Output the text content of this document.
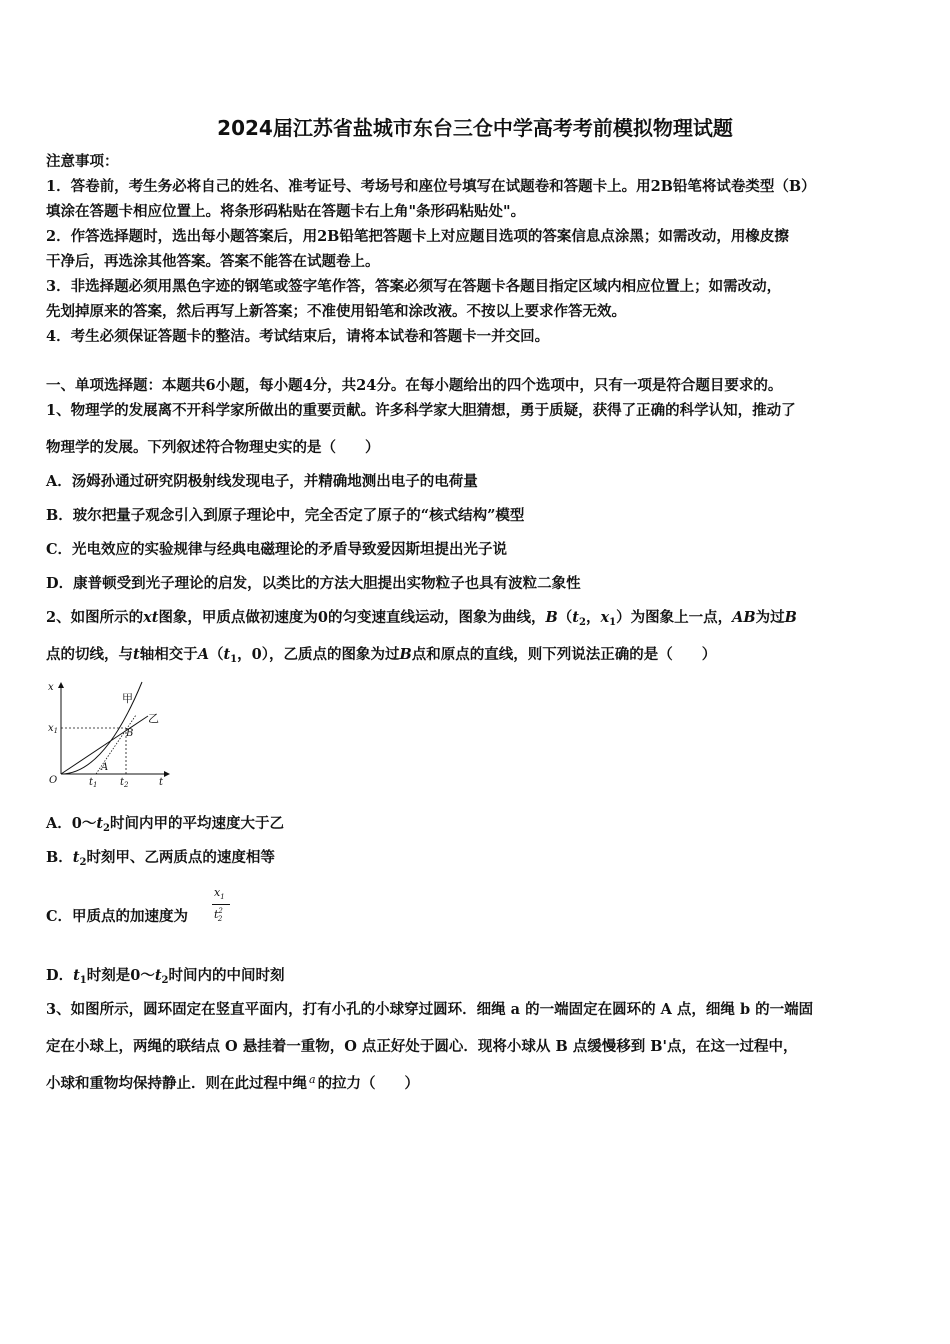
2024届江苏省盐城市东台三仓中学高考考前模拟物理试题
注意事项：
1．答卷前，考生务必将自己的姓名、准考证号、考场号和座位号填写在试题卷和答题卡上。用2B铅笔将试卷类型（B）
填涂在答题卡相应位置上。将条形码粘贴在答题卡右上角"条形码粘贴处"。
2．作答选择题时，选出每小题答案后，用2B铅笔把答题卡上对应题目选项的答案信息点涂黑；如需改动，用橡皮擦
干净后，再选涂其他答案。答案不能答在试题卷上。
3．非选择题必须用黑色字迹的钢笔或签字笔作答，答案必须写在答题卡各题目指定区域内相应位置上；如需改动，
先划掉原来的答案，然后再写上新答案；不准使用铅笔和涂改液。不按以上要求作答无效。
4．考生必须保证答题卡的整洁。考试结束后，请将本试卷和答题卡一并交回。
一、单项选择题：本题共6小题，每小题4分，共24分。在每小题给出的四个选项中，只有一项是符合题目要求的。
1、物理学的发展离不开科学家所做出的重要贡献。许多科学家大胆猜想，勇于质疑，获得了正确的科学认知，推动了
物理学的发展。下列叙述符合物理史实的是（　　）
A．汤姆孙通过研究阴极射线发现电子，并精确地测出电子的电荷量
B．玻尔把量子观念引入到原子理论中，完全否定了原子的“核式结构”模型
C．光电效应的实验规律与经典电磁理论的矛盾导致爱因斯坦提出光子说
D．康普顿受到光子理论的启发，以类比的方法大胆提出实物粒子也具有波粒二象性
2、如图所示的xt图象，甲质点做初速度为0的匀变速直线运动，图象为曲线，$B(t_2$，$x_1$）为图象上一点，AB为过B
点的切线，与t轴相交于$A(t_1$，0），乙质点的图象为过B点和原点的直线，则下列说法正确的是（　　）
x
t
O
$x_1$
$t_1$ $t_2$
A
B
甲
乙
A．$0\sim t_2$时间内甲的平均速度大于乙
B．$t_2$时刻甲、乙两质点的速度相等
C．甲质点的加速度为
$x_1$
$t^2_2$
D．$t_1$时刻是$0\sim t_2$时间内的中间时刻
3、如图所示，圆环固定在竖直平面内，打有小孔的小球穿过圆环．细绳 a 的一端固定在圆环的 A 点，细绳 b 的一端固
定在小球上，两绳的联结点 O 悬挂着一重物，O 点正好处于圆心．现将小球从 B 点缓慢移到 B'点，在这一过程中，
小球和重物均保持静止．则在此过程中绳 $^a$ 的拉力（　　）
